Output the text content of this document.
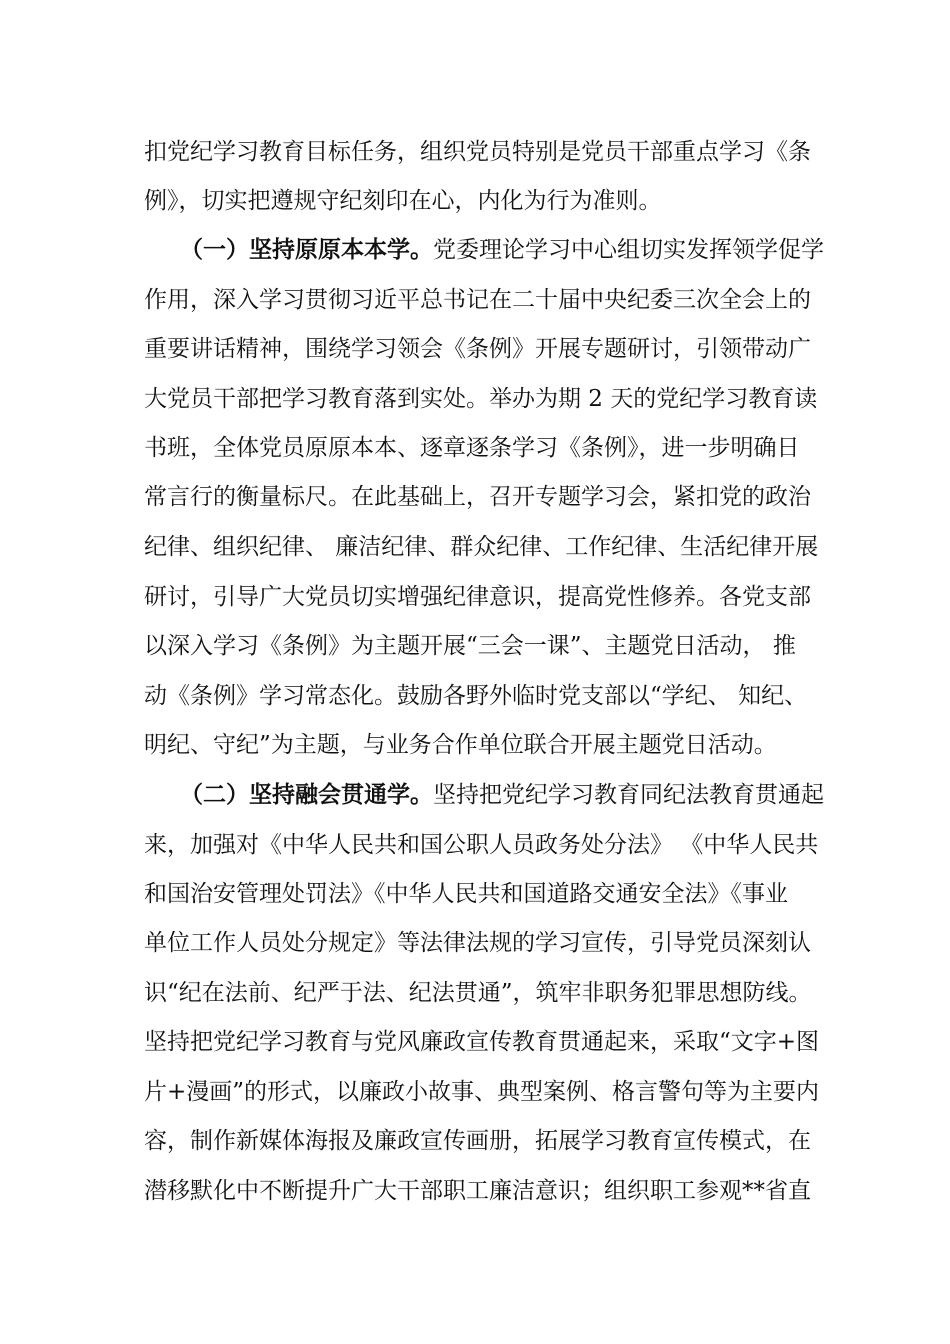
扣党纪学习教育目标任务，组织党员特别是党员干部重点学习《条
例》，切实把遵规守纪刻印在心，内化为行为准则。
（一）坚持原原本本学。党委理论学习中心组切实发挥领学促学
作用，深入学习贯彻习近平总书记在二十届中央纪委三次全会上的
重要讲话精神，围绕学习领会《条例》开展专题研讨，引领带动广
大党员干部把学习教育落到实处。举办为期 2 天的党纪学习教育读
书班，全体党员原原本本、逐章逐条学习《条例》，进一步明确日
常言行的衡量标尺。在此基础上，召开专题学习会，紧扣党的政治
纪律、组织纪律、 廉洁纪律、群众纪律、工作纪律、生活纪律开展
研讨，引导广大党员切实增强纪律意识，提高党性修养。各党支部
以深入学习《条例》为主题开展“三会一课”、主题党日活动， 推
动《条例》学习常态化。鼓励各野外临时党支部以“学纪、 知纪、
明纪、守纪”为主题，与业务合作单位联合开展主题党日活动。
（二）坚持融会贯通学。坚持把党纪学习教育同纪法教育贯通起
来，加强对《中华人民共和国公职人员政务处分法》 《中华人民共
和国治安管理处罚法》《中华人民共和国道路交通安全法》《事业
单位工作人员处分规定》等法律法规的学习宣传，引导党员深刻认
识“纪在法前、纪严于法、纪法贯通”，筑牢非职务犯罪思想防线。
坚持把党纪学习教育与党风廉政宣传教育贯通起来，采取“文字+图
片+漫画”的形式，以廉政小故事、典型案例、格言警句等为主要内
容，制作新媒体海报及廉政宣传画册，拓展学习教育宣传模式，在
潜移默化中不断提升广大干部职工廉洁意识；组织职工参观**省直
